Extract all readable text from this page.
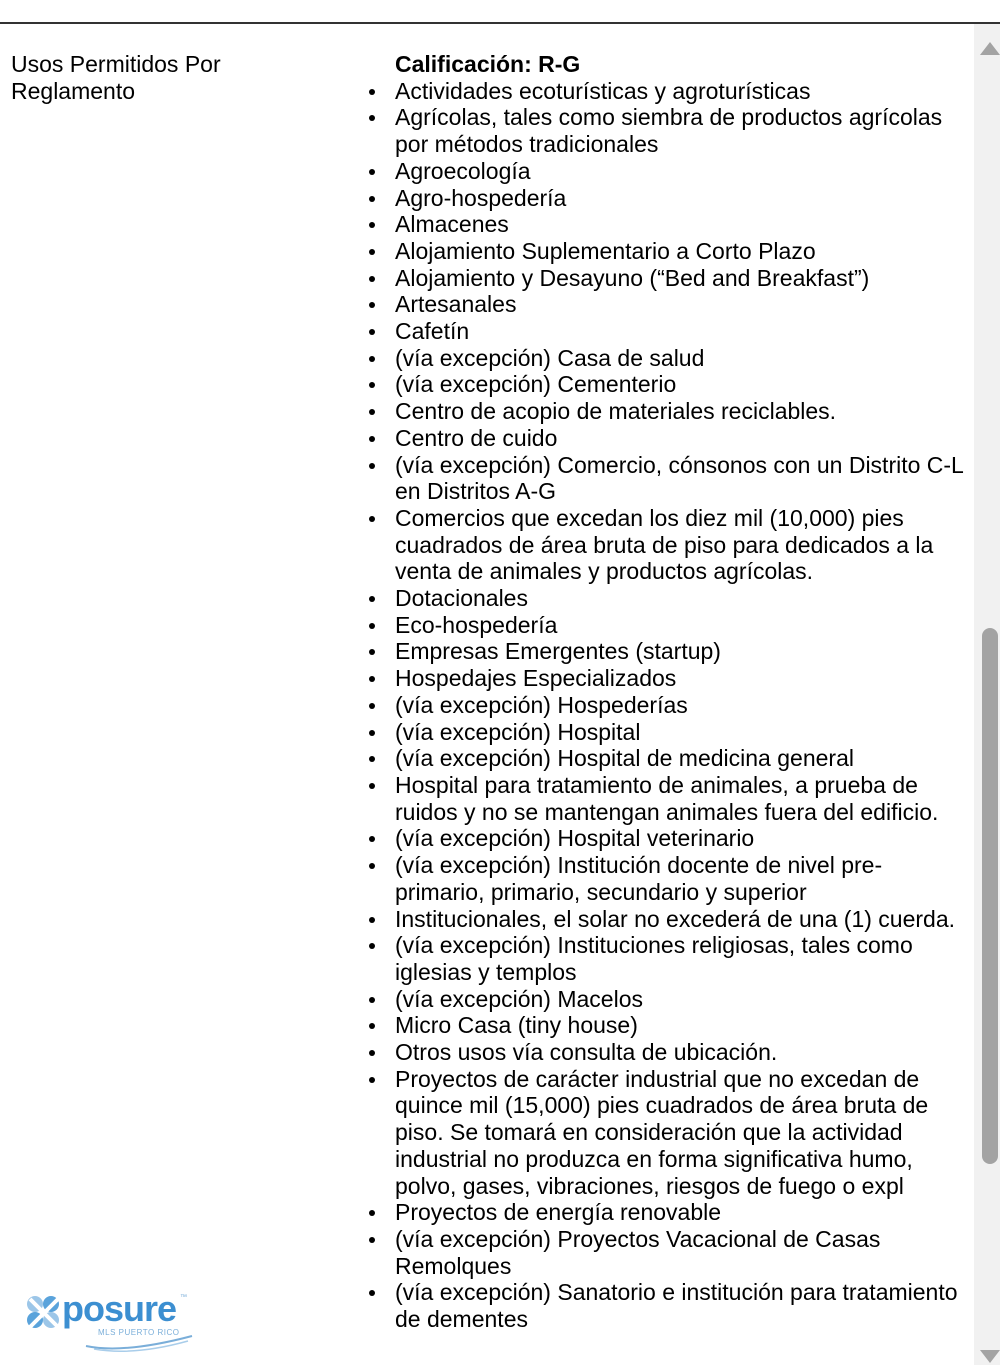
Usos Permitidos Por Reglamento
Calificación: R-G
Actividades ecoturísticas y agroturísticas
Agrícolas, tales como siembra de productos agrícolas por métodos tradicionales
Agroecología
Agro-hospedería
Almacenes
Alojamiento Suplementario a Corto Plazo
Alojamiento y Desayuno (“Bed and Breakfast”)
Artesanales
Cafetín
(vía excepción) Casa de salud
(vía excepción) Cementerio
Centro de acopio de materiales reciclables.
Centro de cuido
(vía excepción) Comercio, cónsonos con un Distrito C-L en Distritos A-G
Comercios que excedan los diez mil (10,000) pies cuadrados de área bruta de piso para dedicados a la venta de animales y productos agrícolas.
Dotacionales
Eco-hospedería
Empresas Emergentes (startup)
Hospedajes Especializados
(vía excepción) Hospederías
(vía excepción) Hospital
(vía excepción) Hospital de medicina general
Hospital para tratamiento de animales, a prueba de ruidos y no se mantengan animales fuera del edificio.
(vía excepción) Hospital veterinario
(vía excepción) Institución docente de nivel pre-primario, primario, secundario y superior
Institucionales, el solar no excederá de una (1) cuerda.
(vía excepción) Instituciones religiosas, tales como iglesias y templos
(vía excepción) Macelos
Micro Casa (tiny house)
Otros usos vía consulta de ubicación.
Proyectos de carácter industrial que no excedan de quince mil (15,000) pies cuadrados de área bruta de piso. Se tomará en consideración que la actividad industrial no produzca en forma significativa humo, polvo, gases, vibraciones, riesgos de fuego o expl
Proyectos de energía renovable
(vía excepción) Proyectos Vacacional de Casas Remolques
(vía excepción) Sanatorio e institución para tratamiento de dementes
posure ™
MLS PUERTO RICO
